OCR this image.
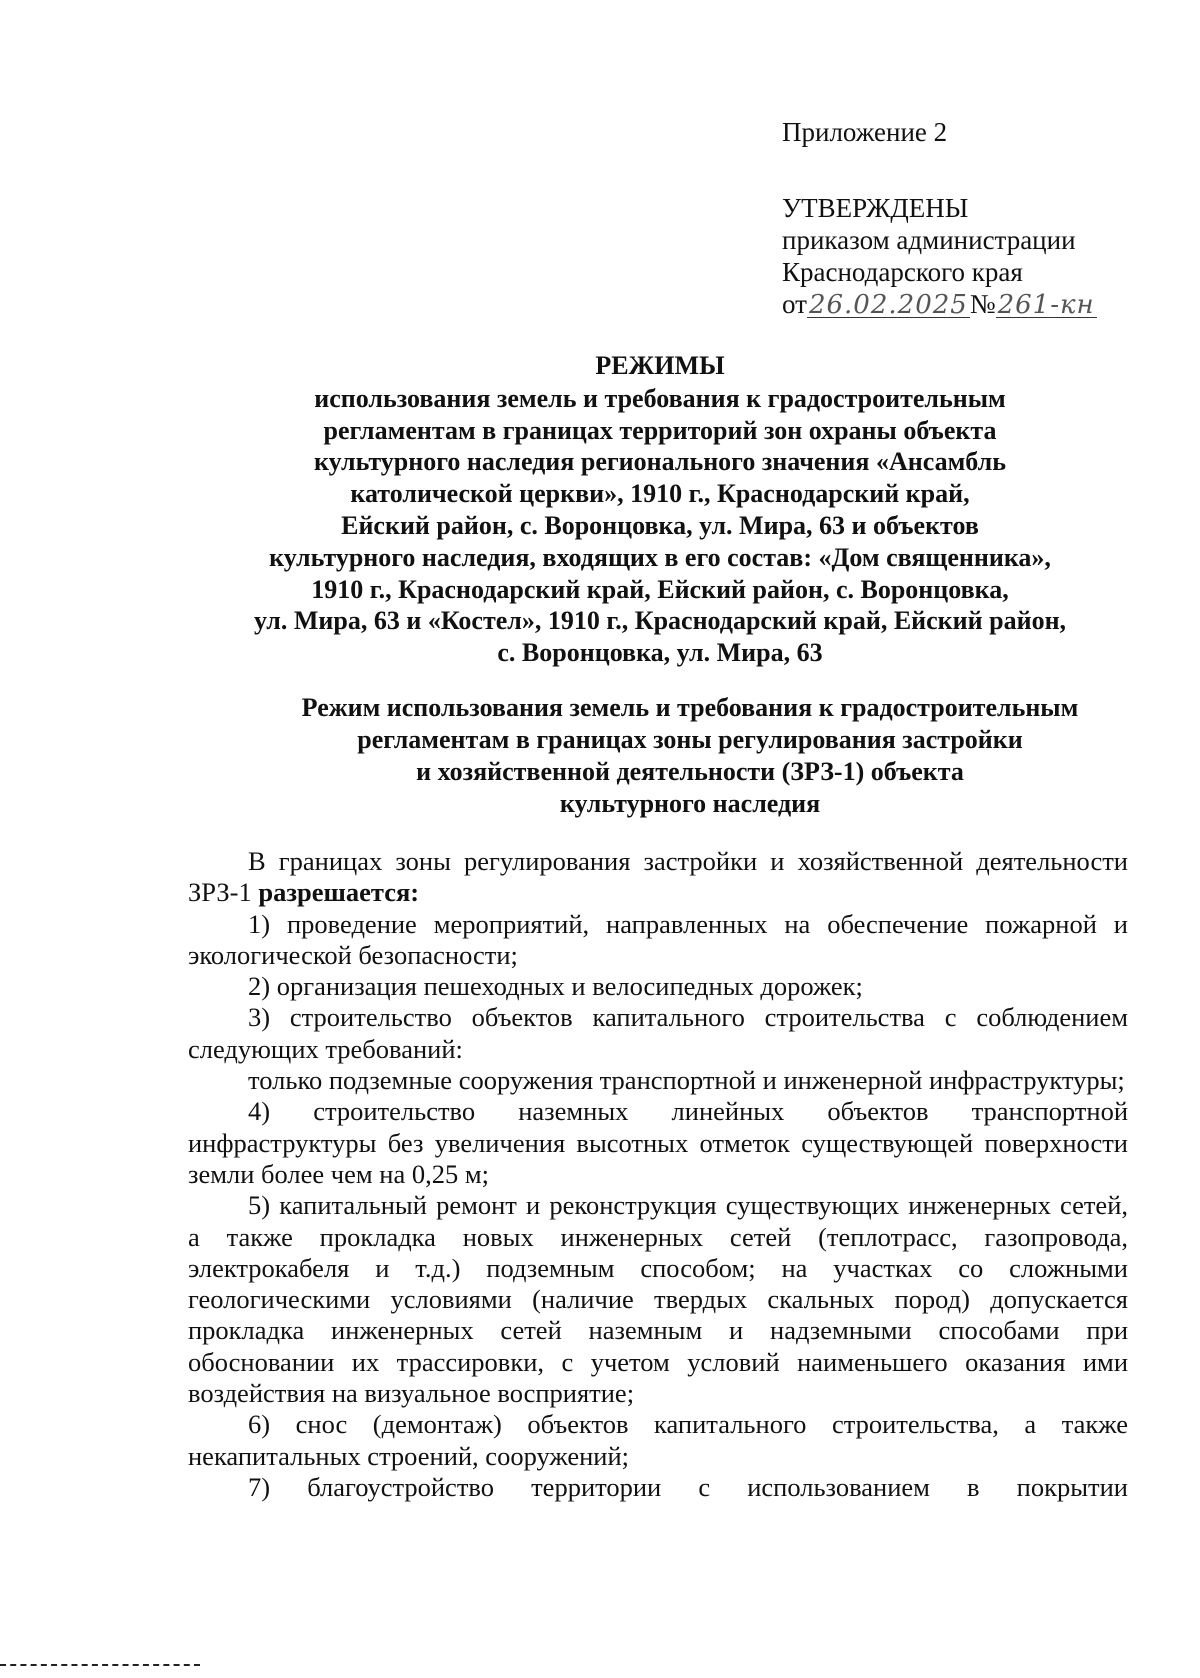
Приложение 2
УТВЕРЖДЕНЫ
приказом администрации
Краснодарского края
от26.02.2025№261-кн
РЕЖИМЫ
использования земель и требования к градостроительным
регламентам в границах территорий зон охраны объекта
культурного наследия регионального значения «Ансамбль
католической церкви», 1910 г., Краснодарский край,
Ейский район, с. Воронцовка, ул. Мира, 63 и объектов
культурного наследия, входящих в его состав: «Дом священника»,
1910 г., Краснодарский край, Ейский район, с. Воронцовка,
ул. Мира, 63 и «Костел», 1910 г., Краснодарский край, Ейский район,
с. Воронцовка, ул. Мира, 63
Режим использования земель и требования к градостроительным
регламентам в границах зоны регулирования застройки
и хозяйственной деятельности (ЗРЗ-1) объекта
культурного наследия

В границах зоны регулирования застройки и хозяйственной деятельности ЗРЗ-1 разрешается:

1) проведение мероприятий, направленных на обеспечение пожарной и экологической безопасности;

2) организация пешеходных и велосипедных дорожек;

3) строительство объектов капитального строительства с соблюдением следующих требований:

только подземные сооружения транспортной и инженерной инфраструктуры;

4) строительство наземных линейных объектов транспортной инфраструктуры без увеличения высотных отметок существующей поверхности земли более чем на 0,25 м;

5) капитальный ремонт и реконструкция существующих инженерных сетей, а также прокладка новых инженерных сетей (теплотрасс, газопровода, электрокабеля и т.д.) подземным способом; на участках со сложными геологическими условиями (наличие твердых скальных пород) допускается прокладка инженерных сетей наземным и надземными способами при обосновании их трассировки, с учетом условий наименьшего оказания ими воздействия на визуальное восприятие;

6) снос (демонтаж) объектов капитального строительства, а также некапитальных строений, сооружений;

7) благоустройство территории с использованием в покрытии
